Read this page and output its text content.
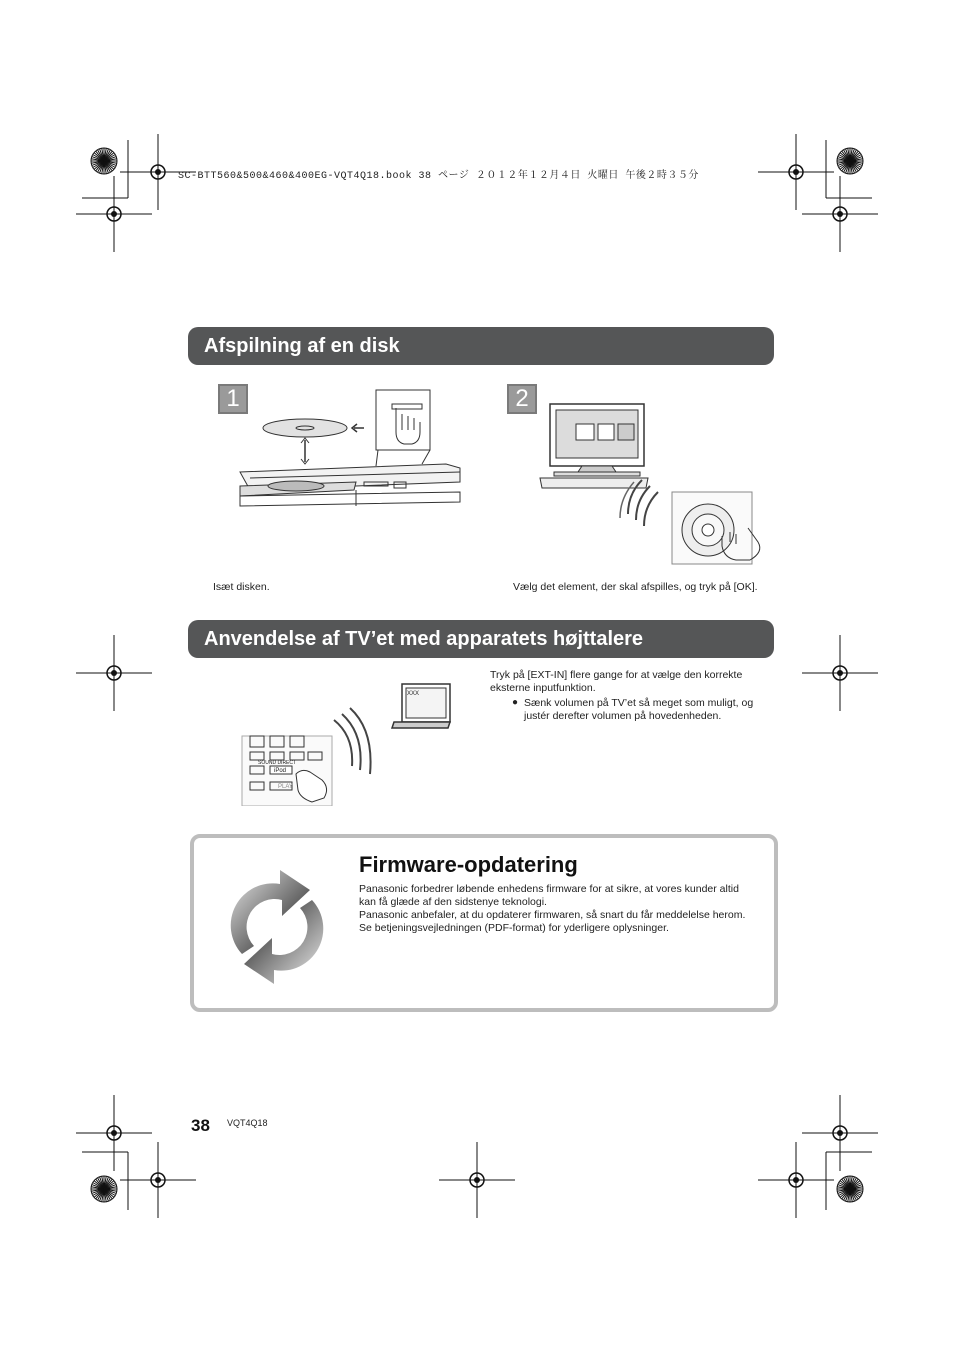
SC-BTT560&500&460&400EG-VQT4Q18.book 38 ページ ２０１２年１２月４日 火曜日 午後２時３５分
Afspilning af en disk
1	2
Isæt disken.	Vælg det element, der skal afspilles, og tryk på [OK].
Anvendelse af TV’et med apparatets højttalere
SOUND DIRECT
iPod
PLAY
XXX
Tryk på [EXT-IN] flere gange for at vælge den korrekte eksterne inputfunktion.
● Sænk volumen på TV’et så meget som muligt, og justér derefter volumen på hovedenheden.
Firmware-opdatering
Panasonic forbedrer løbende enhedens firmware for at sikre, at vores kunder altid kan få glæde af den sidstenye teknologi.
Panasonic anbefaler, at du opdaterer firmwaren, så snart du får meddelelse herom.
Se betjeningsvejledningen (PDF-format) for yderligere oplysninger.
38 VQT4Q18
